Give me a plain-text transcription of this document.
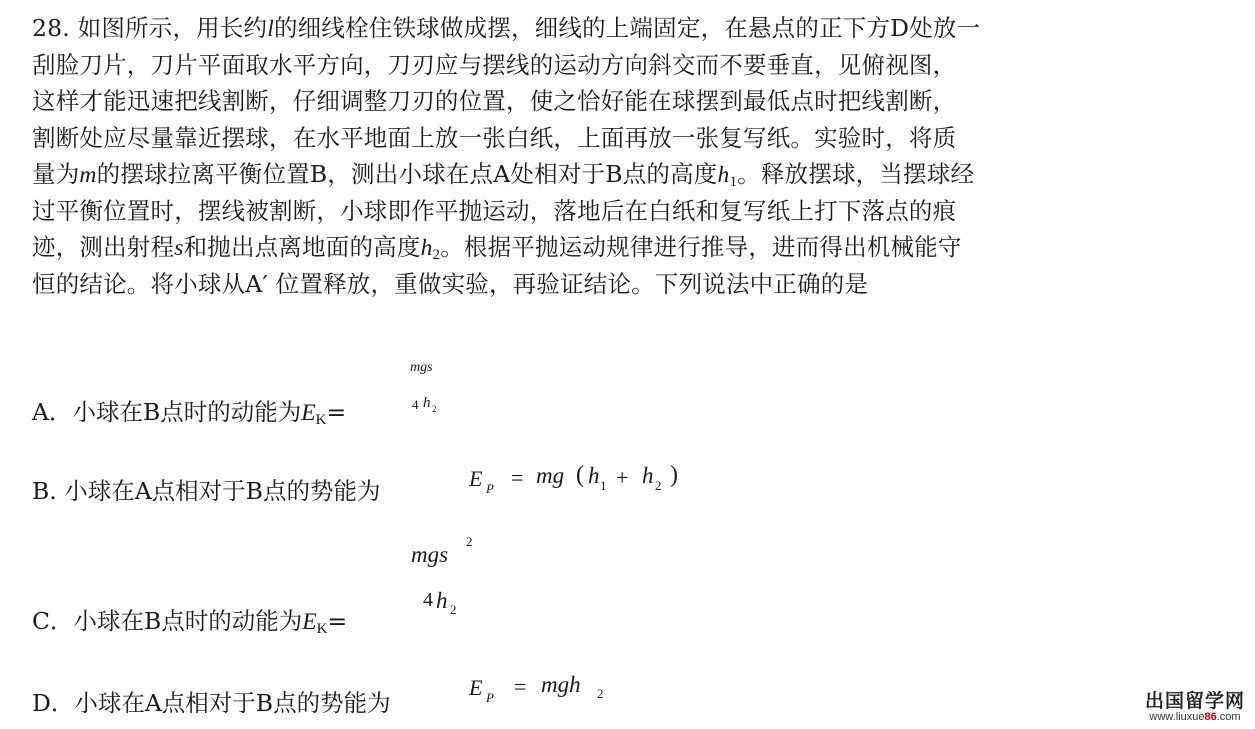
28. 如图所示，用长约l的细线栓住铁球做成摆，细线的上端固定，在悬点的正下方D处放一
刮脸刀片，刀片平面取水平方向，刀刃应与摆线的运动方向斜交而不要垂直，见俯视图，
这样才能迅速把线割断，仔细调整刀刃的位置，使之恰好能在球摆到最低点时把线割断，
割断处应尽量靠近摆球，在水平地面上放一张白纸，上面再放一张复写纸。实验时，将质
量为m的摆球拉离平衡位置B，测出小球在点A处相对于B点的高度$h_1$。释放摆球，当摆球经
过平衡位置时，摆线被割断，小球即作平抛运动，落地后在白纸和复写纸上打下落点的痕
迹，测出射程s和抛出点离地面的高度$h_2$。根据平抛运动规律进行推导，进而得出机械能守
恒的结论。将小球从A′ 位置释放，重做实验，再验证结论。下列说法中正确的是
A．小球在B点时的动能为$E_K=$
mgs
4 h 2
B. 小球在A点相对于B点的势能为	E P = mg ( h 1 + h 2 )
C．小球在B点时的动能为$E_K=$
mgs
2
4 h 2
D．小球在A点相对于B点的势能为
E P = mgh 2	出国留学网
www.liuxue86.com
